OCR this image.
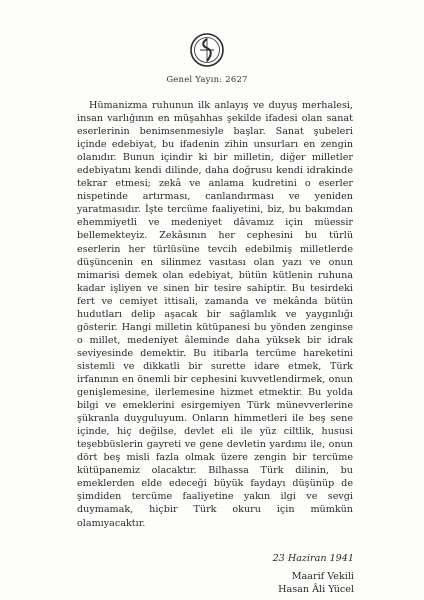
Genel Yayın: 2627

Hümanizma ruhunun ilk anlayış ve duyuş merhalesi, insan varlığının en müşahhas şekilde ifadesi olan sanat eserlerinin benimsenmesiyle başlar. Sanat şubeleri içinde edebiyat, bu ifadenin zihin unsurları en zengin olanıdır. Bunun içindir ki bir milletin, diğer milletler edebiyatını kendi dilinde, daha doğrusu kendi idrakinde tekrar etmesi; zekâ ve anlama kudretini o eserler nispetinde artırması, canlandırması ve yeniden yaratmasıdır. İşte tercüme faaliyetini, biz, bu bakımdan ehemmiyetli ve medeniyet dâvamız için müessir bellemekteyiz. Zekâsının her cephesini bu türlü eserlerin her türlüsüne tevcih edebilmiş milletlerde düşüncenin en silinmez vasıtası olan yazı ve onun mimarisi demek olan edebiyat, bütün kütlenin ruhuna kadar işliyen ve sinen bir tesire sahiptir. Bu tesirdeki fert ve cemiyet ittisali, zamanda ve mekânda bütün hudutları delip aşacak bir sağlamlık ve yaygınlığı gösterir. Hangi milletin kütüpanesi bu yönden zenginse o millet, medeniyet âleminde daha yüksek bir idrak seviyesinde demektir. Bu itibarla tercüme hareketini sistemli ve dikkatli bir surette idare etmek, Türk irfanının en önemli bir cephesini kuvvetlendirmek, onun genişlemesine, ilerlemesine hizmet etmektir. Bu yolda bilgi ve emeklerini esirgemiyen Türk münevverlerine şükranla duyguluyum. Onların himmetleri ile beş sene içinde, hiç değilse, devlet eli ile yüz ciltlik, hususi teşebbüslerin gayreti ve gene devletin yardımı ile, onun dört beş misli fazla olmak üzere zengin bir tercüme kütüpanemiz olacaktır. Bilhassa Türk dilinin, bu emeklerden elde edeceği büyük faydayı düşünüp de şimdiden tercüme faaliyetine yakın ilgi ve sevgi duymamak, hiçbir Türk okuru için mümkün olamıyacaktır.

23 Haziran 1941
Maarif Vekili
Hasan Âli Yücel
